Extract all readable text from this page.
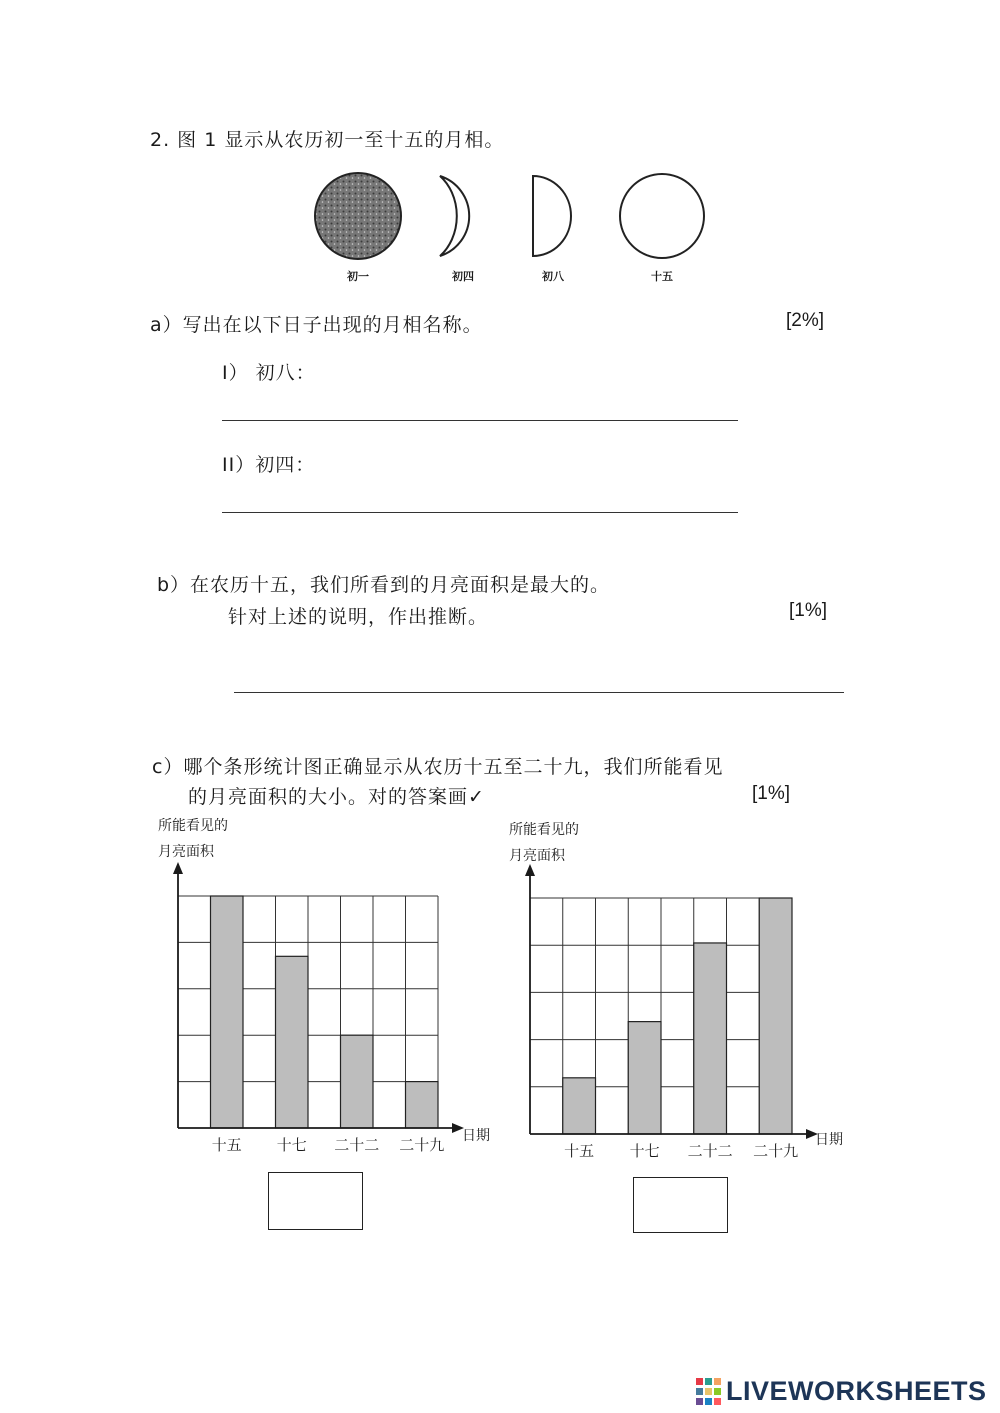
2. 图 1 显示从农历初一至十五的月相。
初一	初四	初八	十五
a）写出在以下日子出现的月相名称。	[2%]
I） 初八：
II）初四：
b）在农历十五，我们所看到的月亮面积是最大的。
针对上述的说明，作出推断。	[1%]
c）哪个条形统计图正确显示从农历十五至二十九，我们所能看见
的月亮面积的大小。对的答案画✓	[1%]
所能看见的
月亮面积
十五 十七 二十二 二十九 日期
所能看见的
月亮面积
十五 十七 二十二 二十九
日期
LIVEWORKSHEETS
